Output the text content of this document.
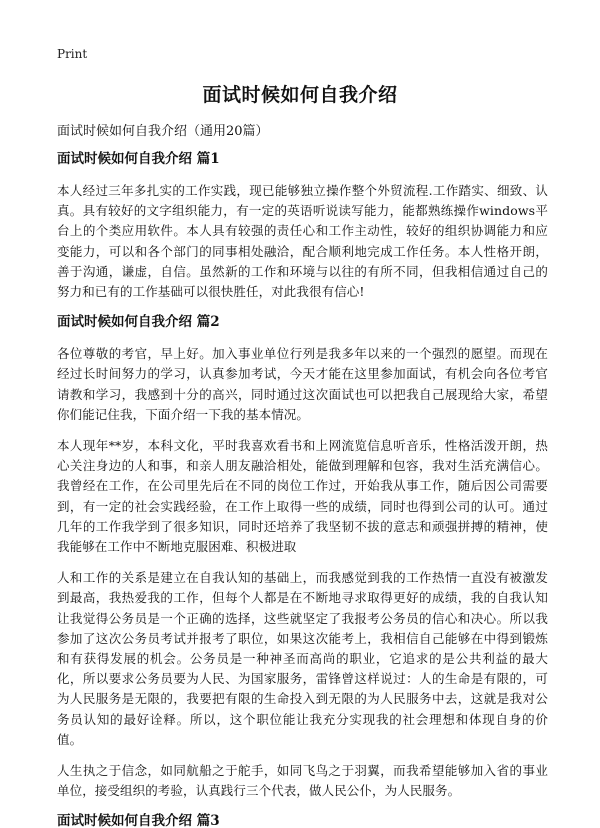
Print
面试时候如何自我介绍

面试时候如何自我介绍（通用20篇）

面试时候如何自我介绍 篇1

本人经过三年多扎实的工作实践，现已能够独立操作整个外贸流程.工作踏实、细致、认真。具有较好的文字组织能力，有一定的英语听说读写能力，能都熟练操作windows平台上的个类应用软件。本人具有较强的责任心和工作主动性，较好的组织协调能力和应变能力，可以和各个部门的同事相处融洽，配合顺利地完成工作任务。本人性格开朗，善于沟通，谦虚，自信。虽然新的工作和环境与以往的有所不同，但我相信通过自己的努力和已有的工作基础可以很快胜任，对此我很有信心!

面试时候如何自我介绍 篇2

各位尊敬的考官，早上好。加入事业单位行列是我多年以来的一个强烈的愿望。而现在经过长时间努力的学习，认真参加考试，今天才能在这里参加面试，有机会向各位考官请教和学习，我感到十分的高兴，同时通过这次面试也可以把我自己展现给大家，希望你们能记住我，下面介绍一下我的基本情况。

本人现年**岁，本科文化，平时我喜欢看书和上网流览信息听音乐，性格活泼开朗，热心关注身边的人和事，和亲人朋友融洽相处，能做到理解和包容，我对生活充满信心。我曾经在工作，在公司里先后在不同的岗位工作过，开始我从事工作，随后因公司需要到，有一定的社会实践经验，在工作上取得一些的成绩，同时也得到公司的认可。通过几年的工作我学到了很多知识，同时还培养了我坚韧不拔的意志和顽强拼搏的精神，使我能够在工作中不断地克服困难、积极进取

人和工作的关系是建立在自我认知的基础上，而我感觉到我的工作热情一直没有被激发到最高，我热爱我的工作，但每个人都是在不断地寻求取得更好的成绩，我的自我认知让我觉得公务员是一个正确的选择，这些就坚定了我报考公务员的信心和决心。所以我参加了这次公务员考试并报考了职位，如果这次能考上，我相信自己能够在中得到锻炼和有获得发展的机会。公务员是一种神圣而高尚的职业，它追求的是公共利益的最大化，所以要求公务员要为人民、为国家服务，雷锋曾这样说过：人的生命是有限的，可为人民服务是无限的，我要把有限的生命投入到无限的为人民服务中去，这就是我对公务员认知的最好诠释。所以，这个职位能让我充分实现我的社会理想和体现自身的价值。

人生执之于信念，如同航船之于舵手，如同飞鸟之于羽翼，而我希望能够加入省的事业单位，接受组织的考验，认真践行三个代表，做人民公仆，为人民服务。

面试时候如何自我介绍 篇3
